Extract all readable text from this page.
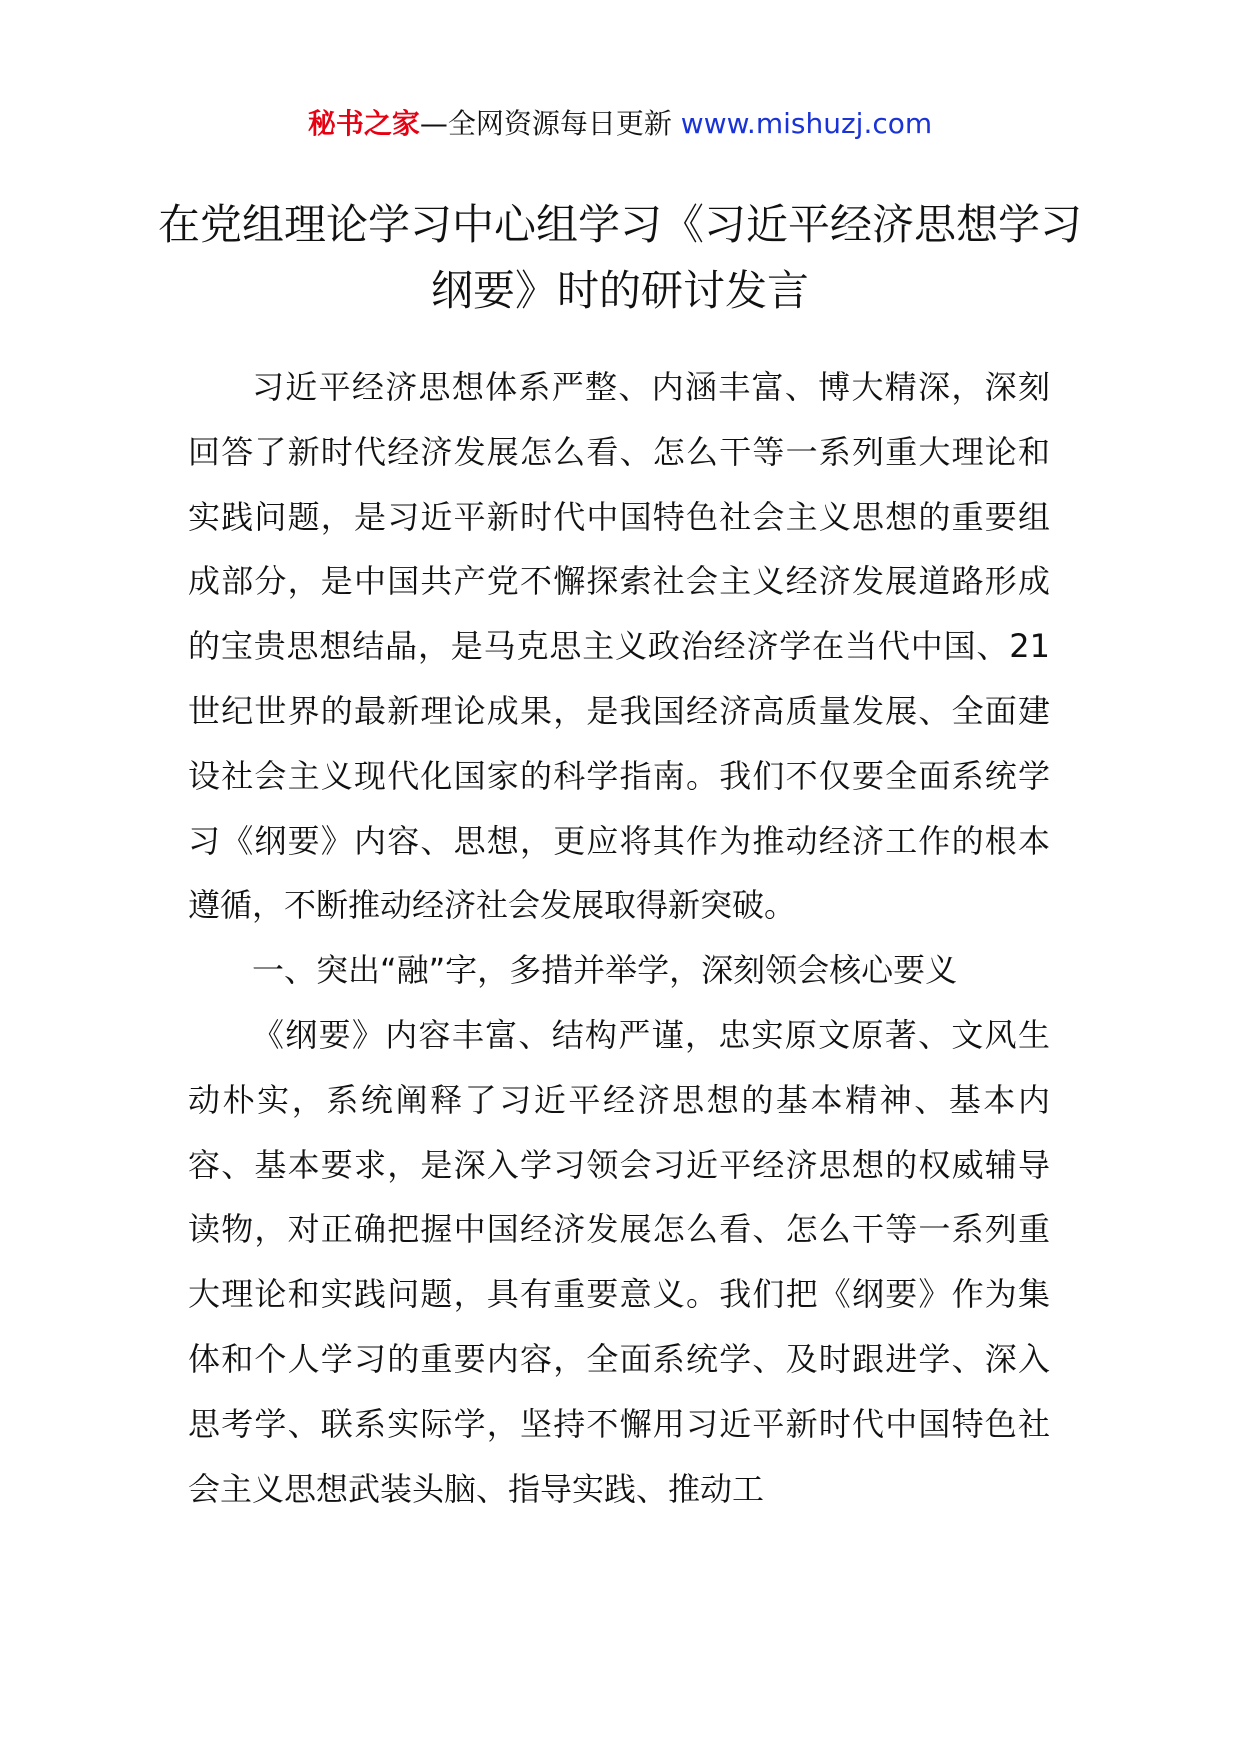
秘书之家—全网资源每日更新 www.mishuzj.com
在党组理论学习中心组学习《习近平经济思想学习纲要》时的研讨发言

习近平经济思想体系严整、内涵丰富、博大精深，深刻回答了新时代经济发展怎么看、怎么干等一系列重大理论和实践问题，是习近平新时代中国特色社会主义思想的重要组成部分，是中国共产党不懈探索社会主义经济发展道路形成的宝贵思想结晶，是马克思主义政治经济学在当代中国、21世纪世界的最新理论成果，是我国经济高质量发展、全面建设社会主义现代化国家的科学指南。我们不仅要全面系统学习《纲要》内容、思想，更应将其作为推动经济工作的根本遵循，不断推动经济社会发展取得新突破。

一、突出“融”字，多措并举学，深刻领会核心要义

《纲要》内容丰富、结构严谨，忠实原文原著、文风生动朴实，系统阐释了习近平经济思想的基本精神、基本内容、基本要求，是深入学习领会习近平经济思想的权威辅导读物，对正确把握中国经济发展怎么看、怎么干等一系列重大理论和实践问题，具有重要意义。我们把《纲要》作为集体和个人学习的重要内容，全面系统学、及时跟进学、深入思考学、联系实际学，坚持不懈用习近平新时代中国特色社会主义思想武装头脑、指导实践、推动工
